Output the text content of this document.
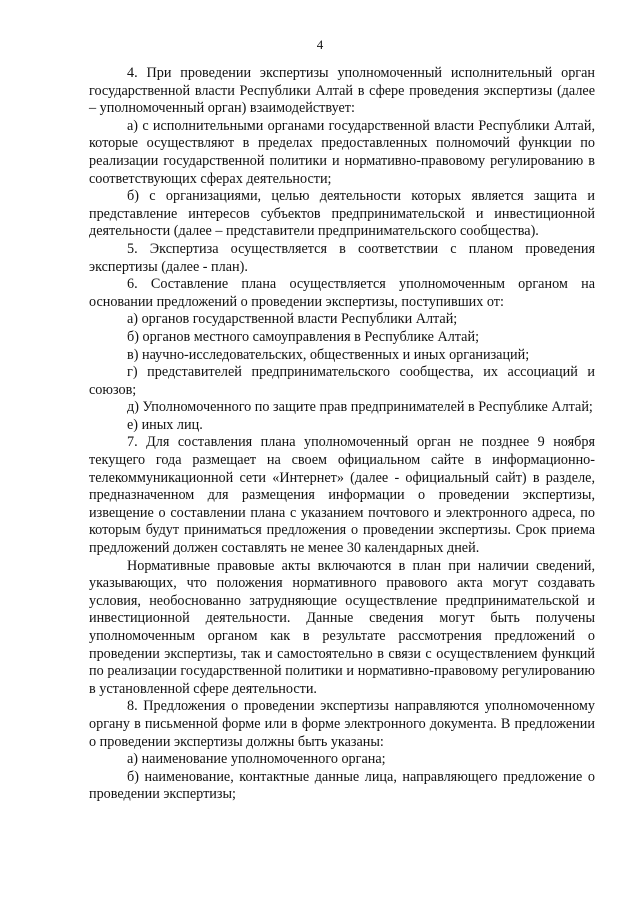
4

4. При проведении экспертизы уполномоченный исполнительный орган государственной власти Республики Алтай в сфере проведения экспертизы (далее – уполномоченный орган) взаимодействует:

а) с исполнительными органами государственной власти Республики Алтай, которые осуществляют в пределах предоставленных полномочий функции по реализации государственной политики и нормативно-правовому регулированию в соответствующих сферах деятельности;

б) с организациями, целью деятельности которых является защита и представление интересов субъектов предпринимательской и инвестиционной деятельности (далее – представители предпринимательского сообщества).

5. Экспертиза осуществляется в соответствии с планом проведения экспертизы (далее - план).

6. Составление плана осуществляется уполномоченным органом на основании предложений о проведении экспертизы, поступивших от:

а) органов государственной власти Республики Алтай;

б) органов местного самоуправления в Республике Алтай;

в) научно-исследовательских, общественных и иных организаций;

г) представителей предпринимательского сообщества, их ассоциаций и союзов;

д) Уполномоченного по защите прав предпринимателей в Республике Алтай;

е) иных лиц.

7. Для составления плана уполномоченный орган не позднее 9 ноября текущего года размещает на своем официальном сайте в информационно-телекоммуникационной сети «Интернет» (далее - официальный сайт) в разделе, предназначенном для размещения информации о проведении экспертизы, извещение о составлении плана с указанием почтового и электронного адреса, по которым будут приниматься предложения о проведении экспертизы. Срок приема предложений должен составлять не менее 30 календарных дней.

Нормативные правовые акты включаются в план при наличии сведений, указывающих, что положения нормативного правового акта могут создавать условия, необоснованно затрудняющие осуществление предпринимательской и инвестиционной деятельности. Данные сведения могут быть получены уполномоченным органом как в результате рассмотрения предложений о проведении экспертизы, так и самостоятельно в связи с осуществлением функций по реализации государственной политики и нормативно-правовому регулированию в установленной сфере деятельности.

8. Предложения о проведении экспертизы направляются уполномоченному органу в письменной форме или в форме электронного документа. В предложении о проведении экспертизы должны быть указаны:

а) наименование уполномоченного органа;

б) наименование, контактные данные лица, направляющего предложение о проведении экспертизы;
